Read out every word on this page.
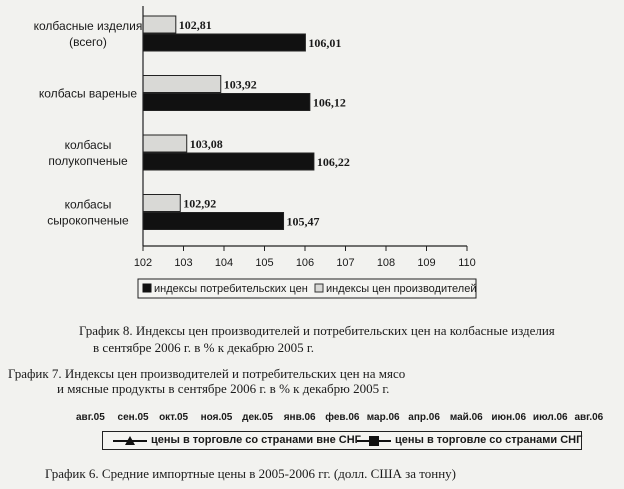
колбасные изделия
(всего)
колбасы вареные
колбасы
полукопченые
колбасы
сырокопченые
102,81
106,01
103,92
106,12
103,08
106,22
102,92
105,47
102 103 104 105 106 107 108 109 110
индексы потребительских цен индексы цен производителей
График 8. Индексы цен производителей и потребительских цен на колбасные изделия
в сентябре 2006 г. в % к декабрю 2005 г.
График 7. Индексы цен производителей и потребительских цен на мясо
и мясные продукты в сентябре 2006 г. в % к декабрю 2005 г.
авг.05 сен.05 окт.05 ноя.05 дек.05 янв.06 фев.06 мар.06 апр.06 май.06 июн.06 июл.06 авг.06
цены в торговле со странами вне СНГ	цены в торговле со странами СНГ
График 6. Средние импортные цены в 2005-2006 гг. (долл. США за тонну)
